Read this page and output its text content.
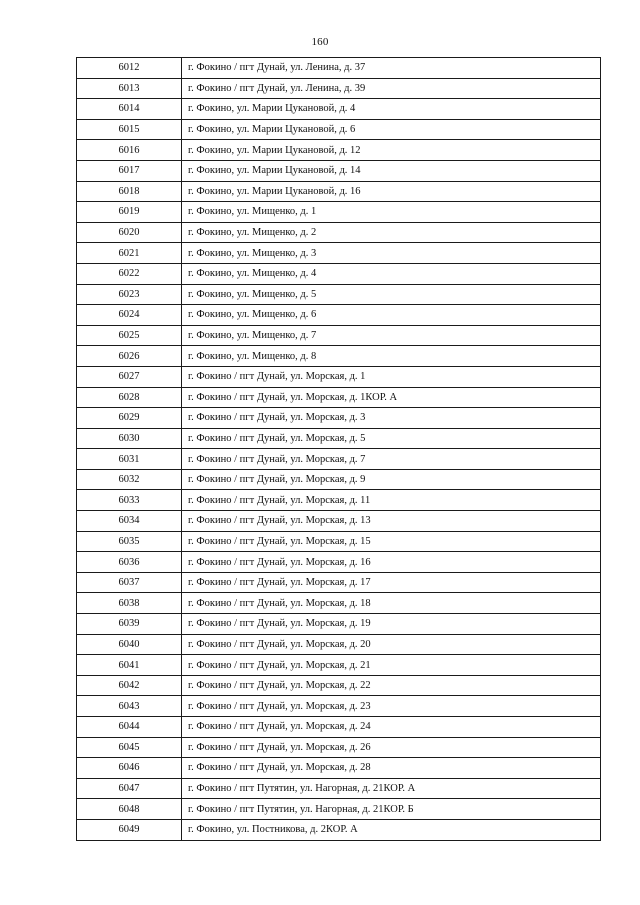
160
6012	г. Фокино / пгт Дунай, ул. Ленина, д. 37
6013	г. Фокино / пгт Дунай, ул. Ленина, д. 39
6014	г. Фокино, ул. Марии Цукановой, д. 4
6015	г. Фокино, ул. Марии Цукановой, д. 6
6016	г. Фокино, ул. Марии Цукановой, д. 12
6017	г. Фокино, ул. Марии Цукановой, д. 14
6018	г. Фокино, ул. Марии Цукановой, д. 16
6019	г. Фокино, ул. Мищенко, д. 1
6020	г. Фокино, ул. Мищенко, д. 2
6021	г. Фокино, ул. Мищенко, д. 3
6022	г. Фокино, ул. Мищенко, д. 4
6023	г. Фокино, ул. Мищенко, д. 5
6024	г. Фокино, ул. Мищенко, д. 6
6025	г. Фокино, ул. Мищенко, д. 7
6026	г. Фокино, ул. Мищенко, д. 8
6027	г. Фокино / пгт Дунай, ул. Морская, д. 1
6028	г. Фокино / пгт Дунай, ул. Морская, д. 1КОР. А
6029	г. Фокино / пгт Дунай, ул. Морская, д. 3
6030	г. Фокино / пгт Дунай, ул. Морская, д. 5
6031	г. Фокино / пгт Дунай, ул. Морская, д. 7
6032	г. Фокино / пгт Дунай, ул. Морская, д. 9
6033	г. Фокино / пгт Дунай, ул. Морская, д. 11
6034	г. Фокино / пгт Дунай, ул. Морская, д. 13
6035	г. Фокино / пгт Дунай, ул. Морская, д. 15
6036	г. Фокино / пгт Дунай, ул. Морская, д. 16
6037	г. Фокино / пгт Дунай, ул. Морская, д. 17
6038	г. Фокино / пгт Дунай, ул. Морская, д. 18
6039	г. Фокино / пгт Дунай, ул. Морская, д. 19
6040	г. Фокино / пгт Дунай, ул. Морская, д. 20
6041	г. Фокино / пгт Дунай, ул. Морская, д. 21
6042	г. Фокино / пгт Дунай, ул. Морская, д. 22
6043	г. Фокино / пгт Дунай, ул. Морская, д. 23
6044	г. Фокино / пгт Дунай, ул. Морская, д. 24
6045	г. Фокино / пгт Дунай, ул. Морская, д. 26
6046	г. Фокино / пгт Дунай, ул. Морская, д. 28
6047	г. Фокино / пгт Путятин, ул. Нагорная, д. 21КОР. А
6048	г. Фокино / пгт Путятин, ул. Нагорная, д. 21КОР. Б
6049	г. Фокино, ул. Постникова, д. 2КОР. А
